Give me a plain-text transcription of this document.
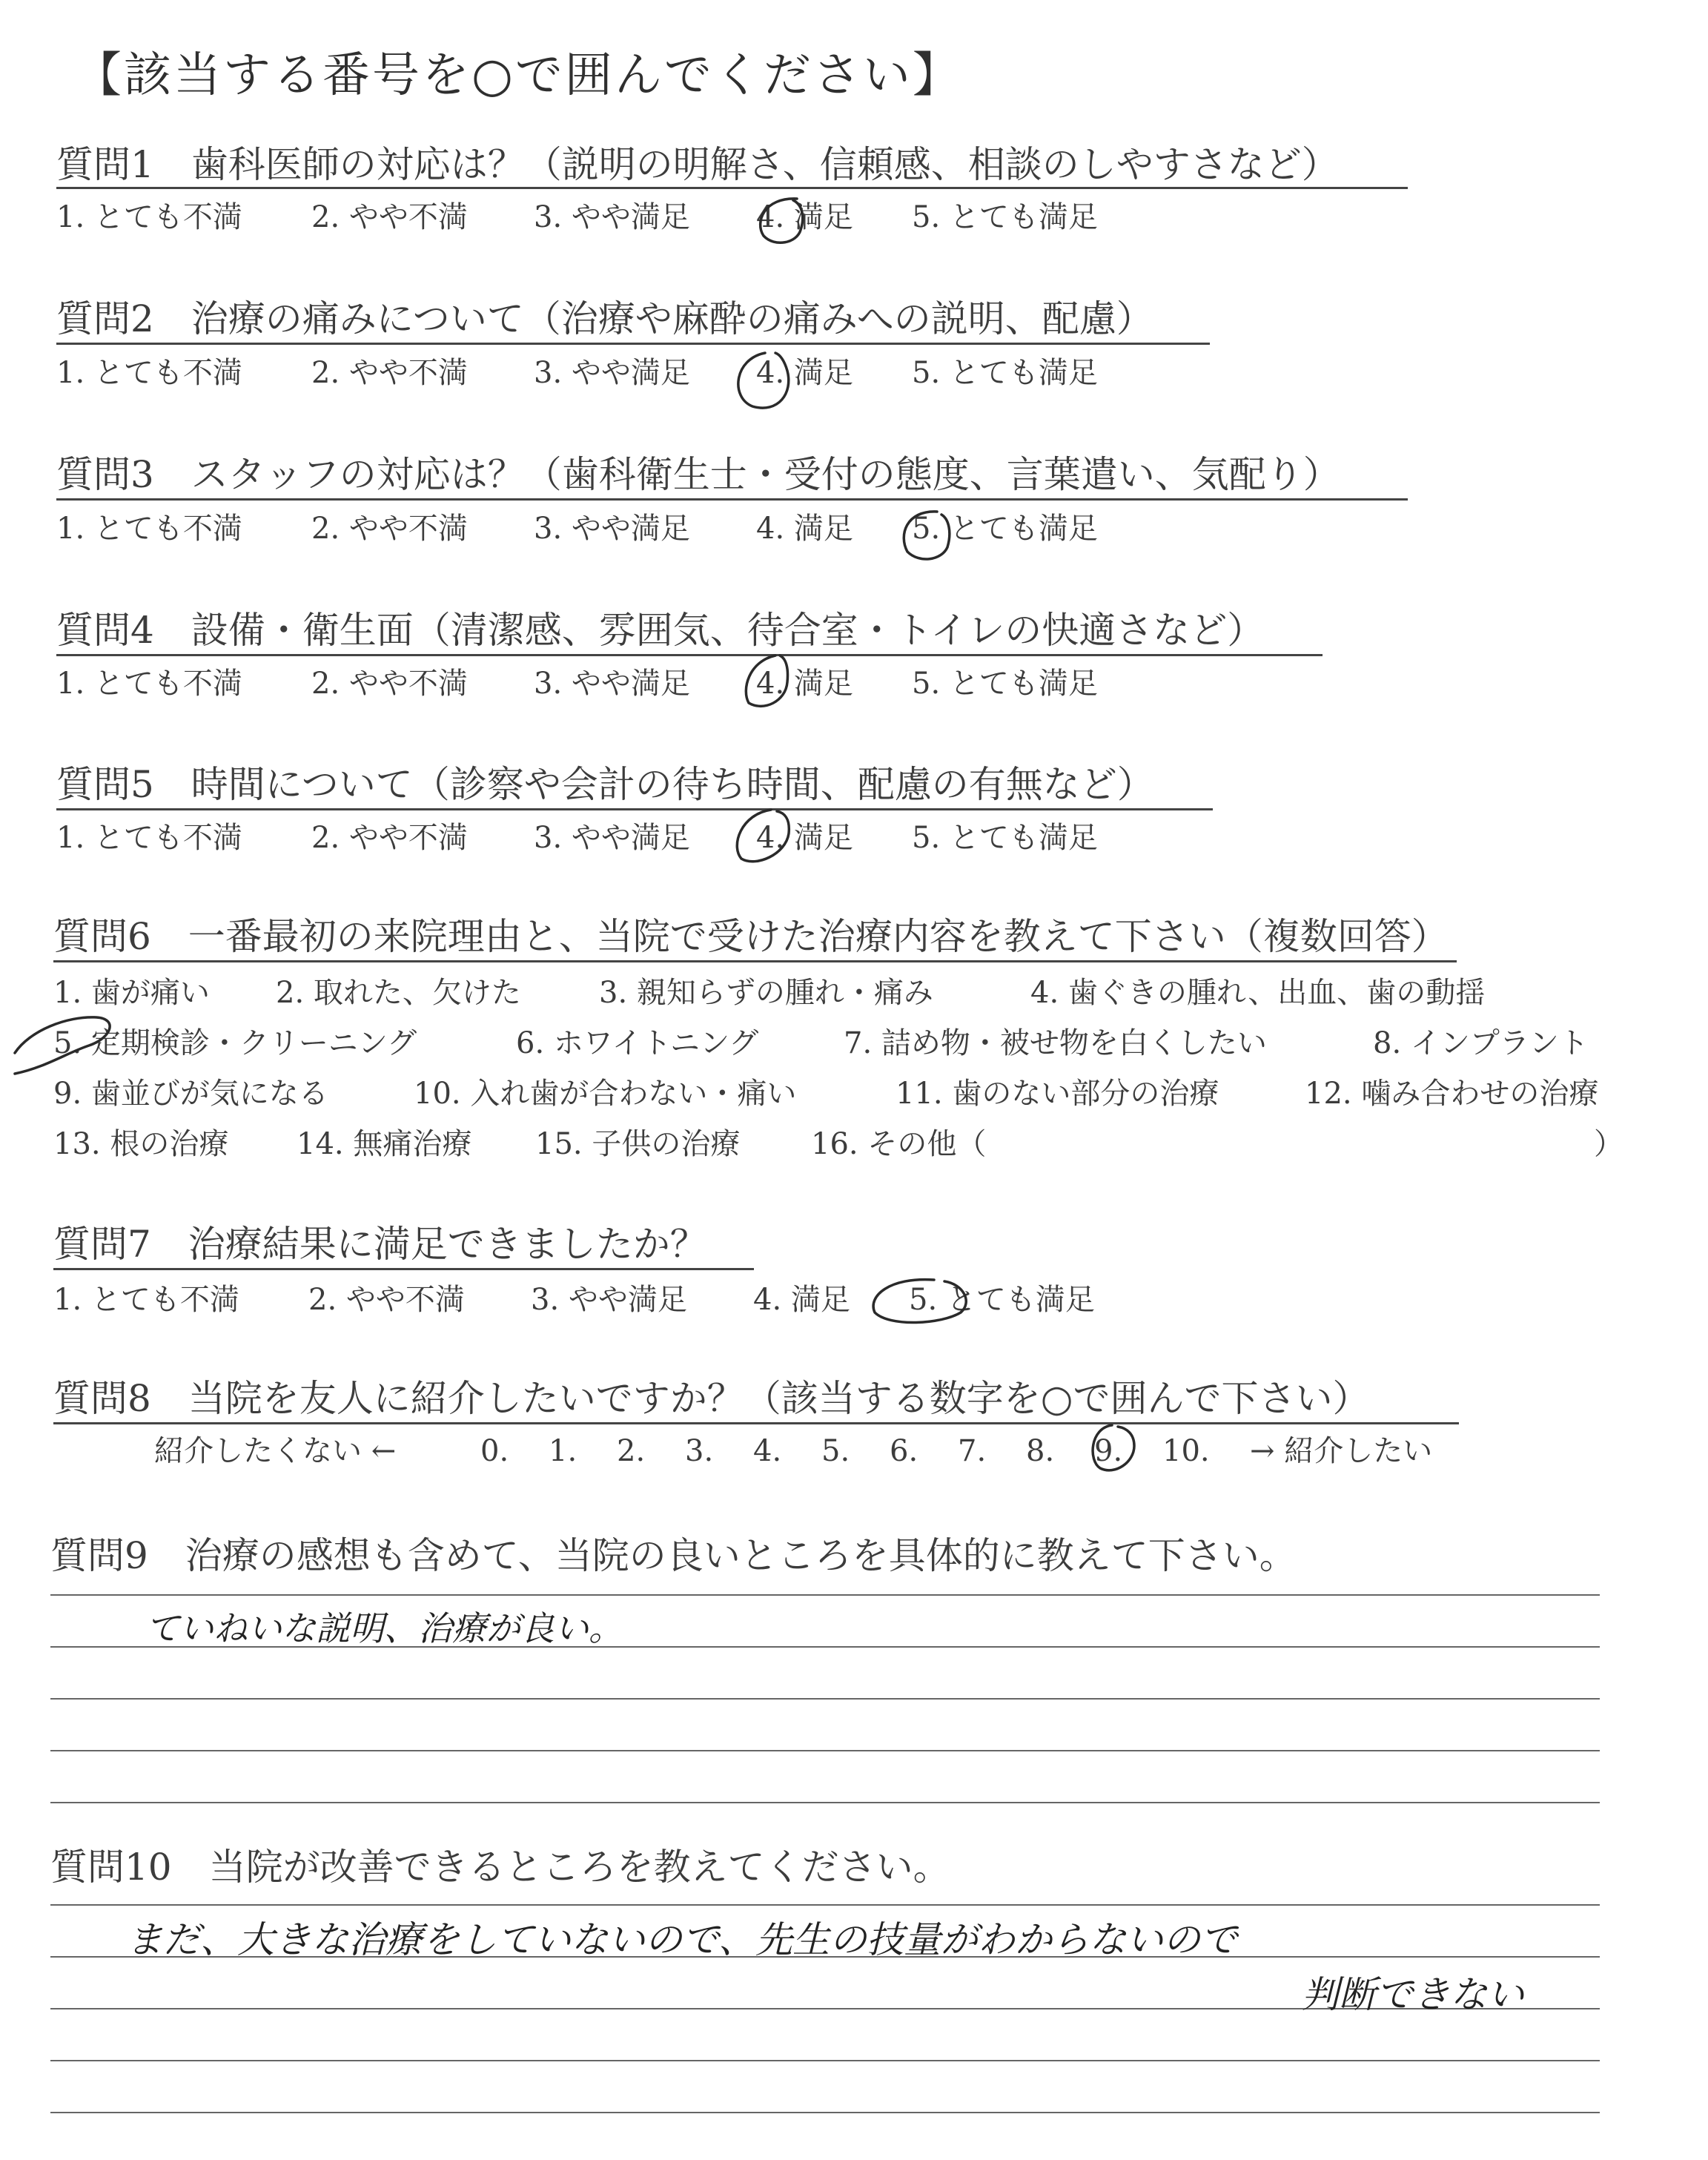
【該当する番号を○で囲んでください】
質問1　歯科医師の対応は？（説明の明解さ、信頼感、相談のしやすさなど）
1. とても不満 2. やや不満 3. やや満足 4. 満足 5. とても満足
質問2　治療の痛みについて（治療や麻酔の痛みへの説明、配慮）
1. とても不満 2. やや不満 3. やや満足 4. 満足 5. とても満足
質問3　スタッフの対応は？（歯科衛生士・受付の態度、言葉遣い、気配り）
1. とても不満 2. やや不満 3. やや満足 4. 満足 5. とても満足
質問4　設備・衛生面（清潔感、雰囲気、待合室・トイレの快適さなど）
1. とても不満 2. やや不満 3. やや満足 4. 満足 5. とても満足
質問5　時間について（診察や会計の待ち時間、配慮の有無など）
1. とても不満 2. やや不満 3. やや満足 4. 満足 5. とても満足
質問6　一番最初の来院理由と、当院で受けた治療内容を教えて下さい（複数回答）
1. 歯が痛い 2. 取れた、欠けた	3. 親知らずの腫れ・痛み	4. 歯ぐきの腫れ、出血、歯の動揺
5. 定期検診・クリーニング	6. ホワイトニング	7. 詰め物・被せ物を白くしたい	8. インプラント
9. 歯並びが気になる	10. 入れ歯が合わない・痛い	11. 歯のない部分の治療	12. 噛み合わせの治療
13. 根の治療 14. 無痛治療 15. 子供の治療 16. その他（	）
質問7　治療結果に満足できましたか？
1. とても不満 2. やや不満 3. やや満足 4. 満足 5. とても満足
質問8　当院を友人に紹介したいですか？（該当する数字を○で囲んで下さい）
紹介したくない ←	0. 1. 2. 3. 4. 5. 6. 7. 8. 9. 10. → 紹介したい
質問9　治療の感想も含めて、当院の良いところを具体的に教えて下さい。
ていねいな説明、治療が良い。
質問10　当院が改善できるところを教えてください。
まだ、大きな治療をしていないので、先生の技量がわからないので
判断できない
